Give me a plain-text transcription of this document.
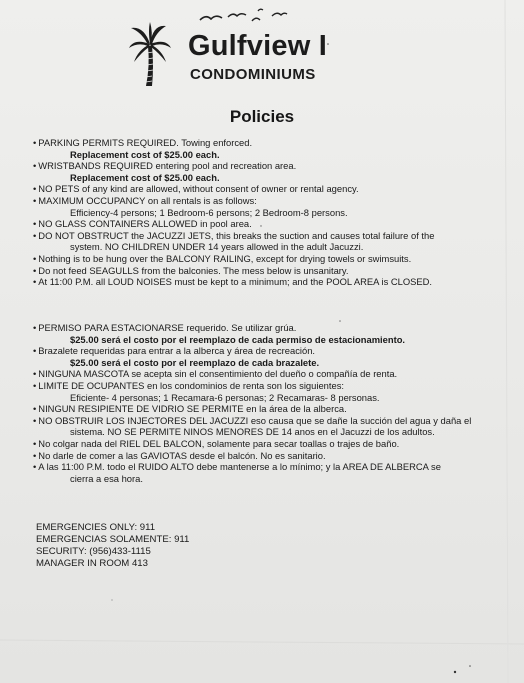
Gulfview I
CONDOMINIUMS
Policies
• PARKING PERMITS REQUIRED. Towing enforced.
Replacement cost of $25.00 each.
• WRISTBANDS REQUIRED entering pool and recreation area.
Replacement cost of $25.00 each.
• NO PETS of any kind are allowed, without consent of owner or rental agency.
• MAXIMUM OCCUPANCY on all rentals is as follows:
Efficiency-4 persons; 1 Bedroom-6 persons; 2 Bedroom-8 persons.
• NO GLASS CONTAINERS ALLOWED in pool area.
• DO NOT OBSTRUCT the JACUZZI JETS, this breaks the suction and causes total failure of the
system. NO CHILDREN UNDER 14 years allowed in the adult Jacuzzi.
• Nothing is to be hung over the BALCONY RAILING, except for drying towels or swimsuits.
• Do not feed SEAGULLS from the balconies. The mess below is unsanitary.
• At 11:00 P.M. all LOUD NOISES must be kept to a minimum; and the POOL AREA is CLOSED.
• PERMISO PARA ESTACIONARSE requerido. Se utilizar grúa.
$25.00 será el costo por el reemplazo de cada permiso de estacionamiento.
• Brazalete requeridas para entrar a la alberca y área de recreación.
$25.00 será el costo por el reemplazo de cada brazalete.
• NINGUNA MASCOTA se acepta sin el consentimiento del dueño o compañía de renta.
• LIMITE DE OCUPANTES en los condominios de renta son los siguientes:
Eficiente- 4 personas; 1 Recamara-6 personas; 2 Recamaras- 8 personas.
• NINGUN RESIPIENTE DE VIDRIO SE PERMITE en la área de la alberca.
• NO OBSTRUIR LOS INJECTORES DEL JACUZZI eso causa que se dañe la succión del agua y daña el
sistema. NO SE PERMITE NINOS MENORES DE 14 anos en el Jacuzzi de los adultos.
• No colgar nada del RIEL DEL BALCON, solamente para secar toallas o trajes de baño.
• No darle de comer a las GAVIOTAS desde el balcón. No es sanitario.
• A las 11:00 P.M. todo el RUIDO ALTO debe mantenerse a lo mínimo; y la AREA DE ALBERCA se
cierra a esa hora.
EMERGENCIES ONLY: 911
EMERGENCIAS SOLAMENTE: 911
SECURITY: (956)433-1115
MANAGER IN ROOM 413
